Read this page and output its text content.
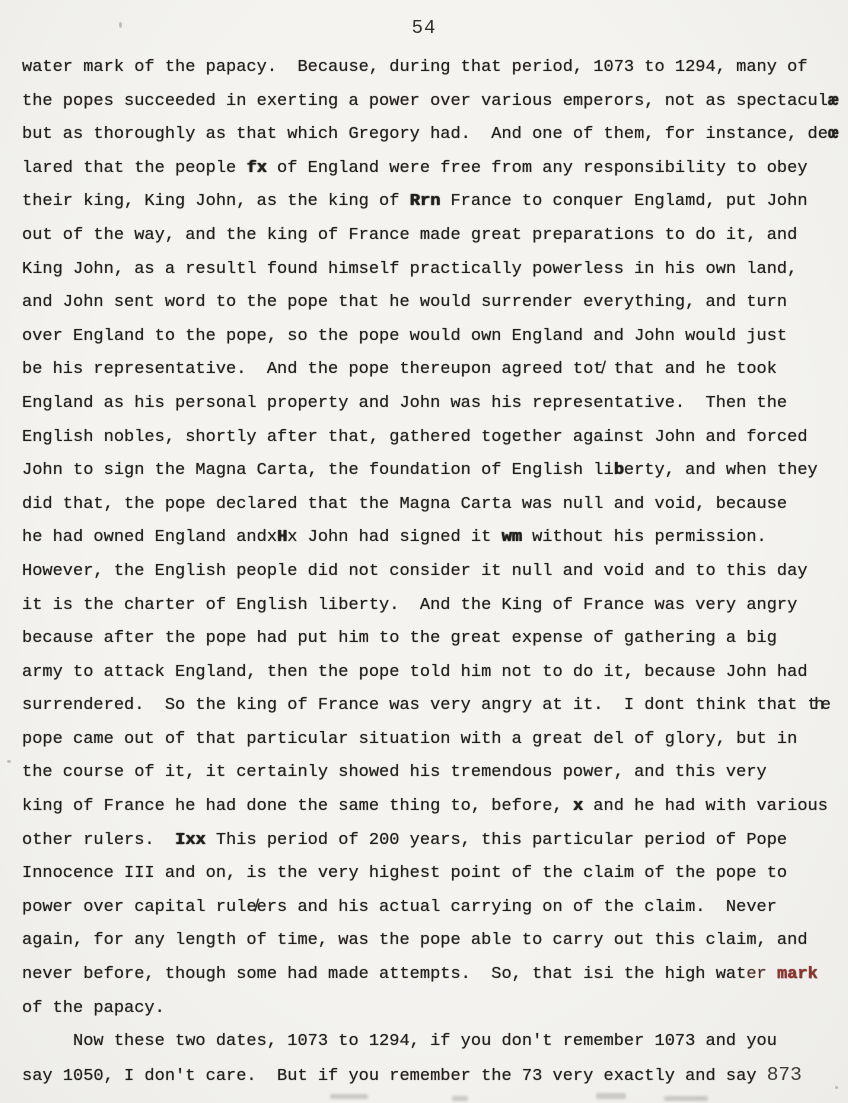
54
water mark of the papacy.  Because, during that period, 1073 to 1294, many of
the popes succeeded in exerting a power over various emperors, not as spectaculæ
but as thoroughly as that which Gregory had.  And one of them, for instance, deœ
lared that the people fx of England were free from any responsibility to obey
their king, King John, as the king of Rrn France to conquer Englamd, put John
out of the way, and the king of France made great preparations to do it, and
King John, as a resultl found himself practically powerless in his own land,
and John sent word to the pope that he would surrender everything, and turn
over England to the pope, so the pope would own England and John would just
be his representative.  And the pope thereupon agreed tot̸ that and he took
England as his personal property and John was his representative.  Then the
English nobles, shortly after that, gathered together against John and forced
John to sign the Magna Carta, the foundation of English liberty, and when they
did that, the pope declared that the Magna Carta was null and void, because
he had owned England andxHx John had signed it wm without his permission.
However, the English people did not consider it null and void and to this day
it is the charter of English liberty.  And the King of France was very angry
because after the pope had put him to the great expense of gathering a big
army to attack England, then the pope told him not to do it, because John had
surrendered.  So the king of France was very angry at it.  I dont think that the
pope came out of that particular situation with a great del of glory, but in
the course of it, it certainly showed his tremendous power, and this very
king of France he had done the same thing to, before, x and he had with various
other rulers.  Ixx This period of 200 years, this particular period of Pope
Innocence III and on, is the very highest point of the claim of the pope to
power over capital rule̸ers and his actual carrying on of the claim.  Never
again, for any length of time, was the pope able to carry out this claim, and
never before, though some had made attempts.  So, that isi the high water mark
of the papacy.
Now these two dates, 1073 to 1294, if you don't remember 1073 and you
say 1050, I don't care.  But if you remember the 73 very exactly and say 873
